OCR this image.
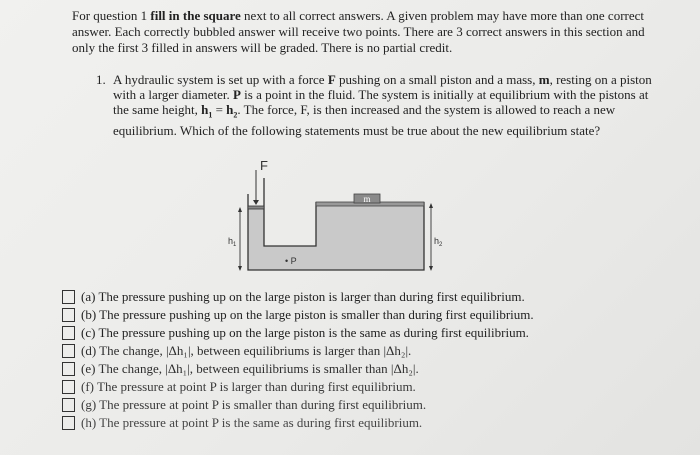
For question 1 fill in the square next to all correct answers. A given problem may have more than one correct answer. Each correctly bubbled answer will receive two points. There are 3 correct answers in this section and only the first 3 filled in answers will be graded. There is no partial credit.
1. A hydraulic system is set up with a force F pushing on a small piston and a mass, m, resting on a piston with a larger diameter. P is a point in the fluid. The system is initially at equilibrium with the pistons at the same height, $h_1 = h_2$. The force, F, is then increased and the system is allowed to reach a new equilibrium. Which of the following statements must be true about the new equilibrium state?
m
F
$h_1$	$h_2$
• P
(a) The pressure pushing up on the large piston is larger than during first equilibrium.
(b) The pressure pushing up on the large piston is smaller than during first equilibrium.
(c) The pressure pushing up on the large piston is the same as during first equilibrium.
(d) The change, |Δh₁|, between equilibriums is larger than |Δh₂|.
(e) The change, |Δh₁|, between equilibriums is smaller than |Δh₂|.
(f) The pressure at point P is larger than during first equilibrium.
(g) The pressure at point P is smaller than during first equilibrium.
(h) The pressure at point P is the same as during first equilibrium.
